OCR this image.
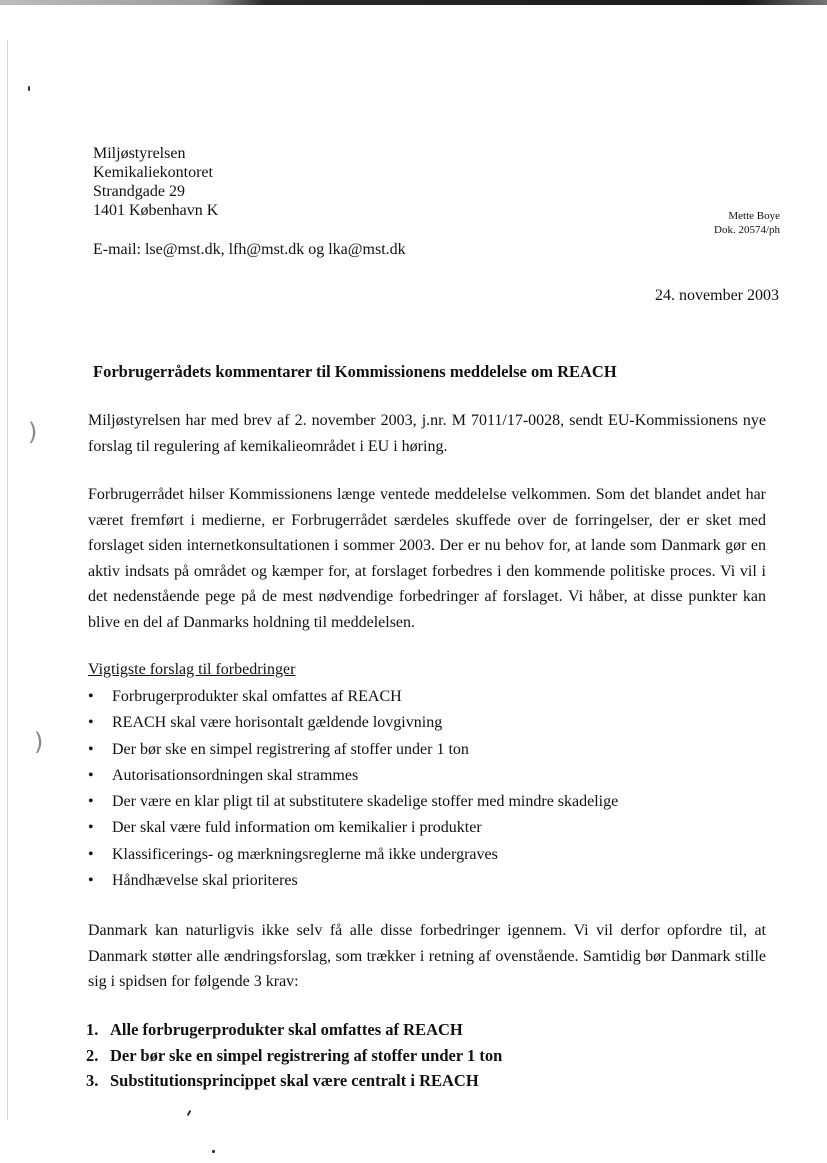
)
)
Miljøstyrelsen
Kemikaliekontoret
Strandgade 29
1401 København K
E-mail: lse@mst.dk, lfh@mst.dk og lka@mst.dk
Mette Boye
Dok. 20574/ph
24. november 2003
Forbrugerrådets kommentarer til Kommissionens meddelelse om REACH

Miljøstyrelsen har med brev af 2. november 2003, j.nr. M 7011/17-0028, sendt EU-Kommissionens nye forslag til regulering af kemikalieområdet i EU i høring.

Forbrugerrådet hilser Kommissionens længe ventede meddelelse velkommen. Som det blandet andet har været fremført i medierne, er Forbrugerrådet særdeles skuffede over de forringelser, der er sket med forslaget siden internetkonsultationen i sommer 2003. Der er nu behov for, at lande som Danmark gør en aktiv indsats på området og kæmper for, at forslaget forbedres i den kommende politiske proces. Vi vil i det nedenstående pege på de mest nødvendige forbedringer af forslaget. Vi håber, at disse punkter kan blive en del af Danmarks holdning til meddelelsen.

Vigtigste forslag til forbedringer
• Forbrugerprodukter skal omfattes af REACH
• REACH skal være horisontalt gældende lovgivning
• Der bør ske en simpel registrering af stoffer under 1 ton
• Autorisationsordningen skal strammes
• Der være en klar pligt til at substitutere skadelige stoffer med mindre skadelige
• Der skal være fuld information om kemikalier i produkter
• Klassificerings- og mærkningsreglerne må ikke undergraves
• Håndhævelse skal prioriteres

Danmark kan naturligvis ikke selv få alle disse forbedringer igennem. Vi vil derfor opfordre til, at Danmark støtter alle ændringsforslag, som trækker i retning af ovenstående. Samtidig bør Danmark stille sig i spidsen for følgende 3 krav:

1. Alle forbrugerprodukter skal omfattes af REACH
2. Der bør ske en simpel registrering af stoffer under 1 ton
3. Substitutionsprincippet skal være centralt i REACH
